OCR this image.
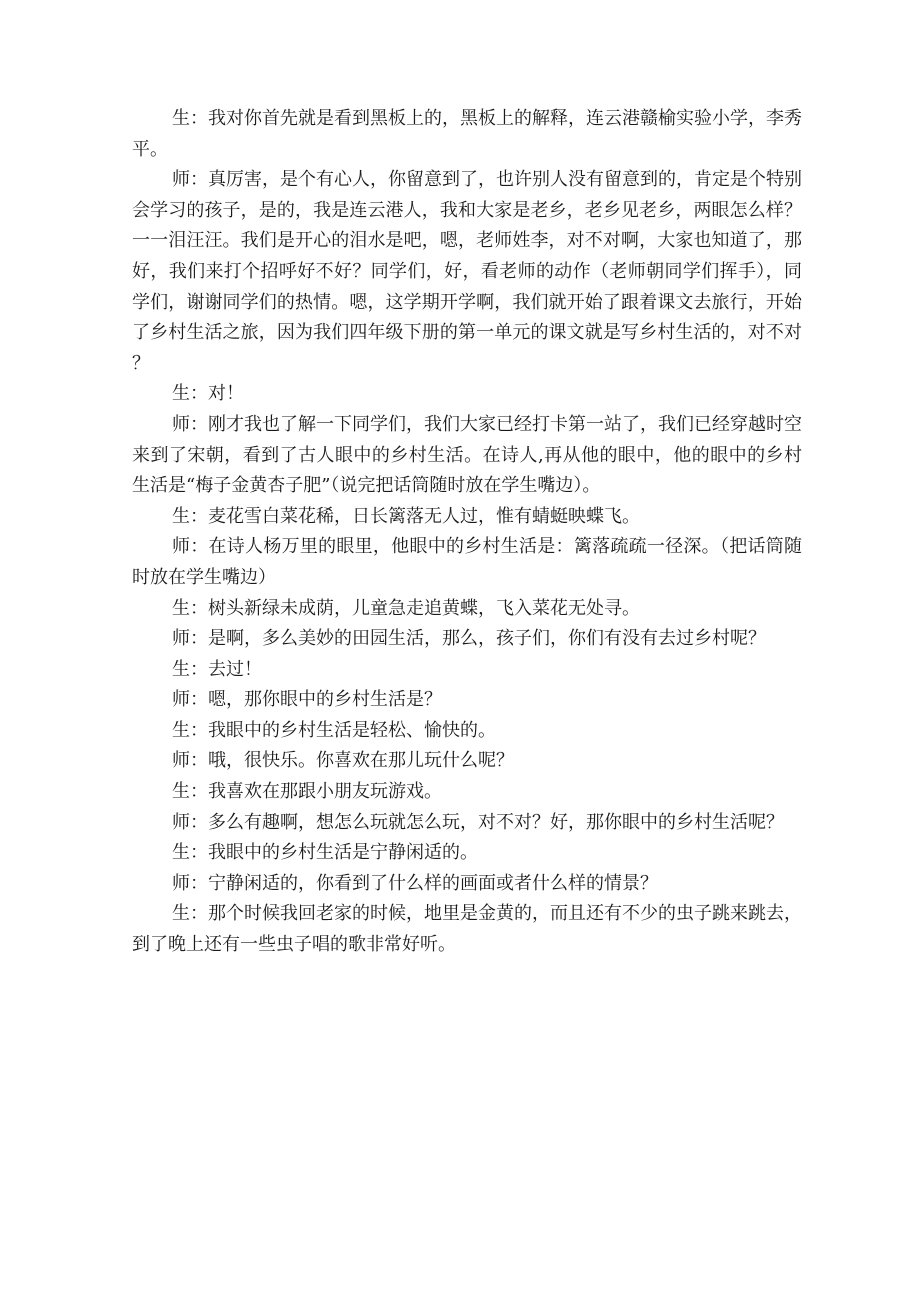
生：我对你首先就是看到黑板上的，黑板上的解释，连云港赣榆实验小学，李秀平。

师：真厉害，是个有心人，你留意到了，也许别人没有留意到的，肯定是个特别会学习的孩子，是的，我是连云港人，我和大家是老乡，老乡见老乡，两眼怎么样？一一泪汪汪。我们是开心的泪水是吧，嗯，老师姓李，对不对啊，大家也知道了，那好，我们来打个招呼好不好？同学们，好，看老师的动作（老师朝同学们挥手），同学们，谢谢同学们的热情。嗯，这学期开学啊，我们就开始了跟着课文去旅行，开始了乡村生活之旅，因为我们四年级下册的第一单元的课文就是写乡村生活的，对不对？

生：对！

师：刚才我也了解一下同学们，我们大家已经打卡第一站了，我们已经穿越时空来到了宋朝，看到了古人眼中的乡村生活。在诗人,再从他的眼中，他的眼中的乡村生活是“梅子金黄杏子肥”（说完把话筒随时放在学生嘴边）。

生：麦花雪白菜花稀，日长篱落无人过，惟有蜻蜓映蝶飞。

师：在诗人杨万里的眼里，他眼中的乡村生活是：篱落疏疏一径深。（把话筒随时放在学生嘴边）

生：树头新绿未成荫，儿童急走追黄蝶，飞入菜花无处寻。

师：是啊，多么美妙的田园生活，那么，孩子们，你们有没有去过乡村呢？

生：去过！

师：嗯，那你眼中的乡村生活是？

生：我眼中的乡村生活是轻松、愉快的。

师：哦，很快乐。你喜欢在那儿玩什么呢？

生：我喜欢在那跟小朋友玩游戏。

师：多么有趣啊，想怎么玩就怎么玩，对不对？好，那你眼中的乡村生活呢？

生：我眼中的乡村生活是宁静闲适的。

师：宁静闲适的，你看到了什么样的画面或者什么样的情景？

生：那个时候我回老家的时候，地里是金黄的，而且还有不少的虫子跳来跳去，到了晚上还有一些虫子唱的歌非常好听。
